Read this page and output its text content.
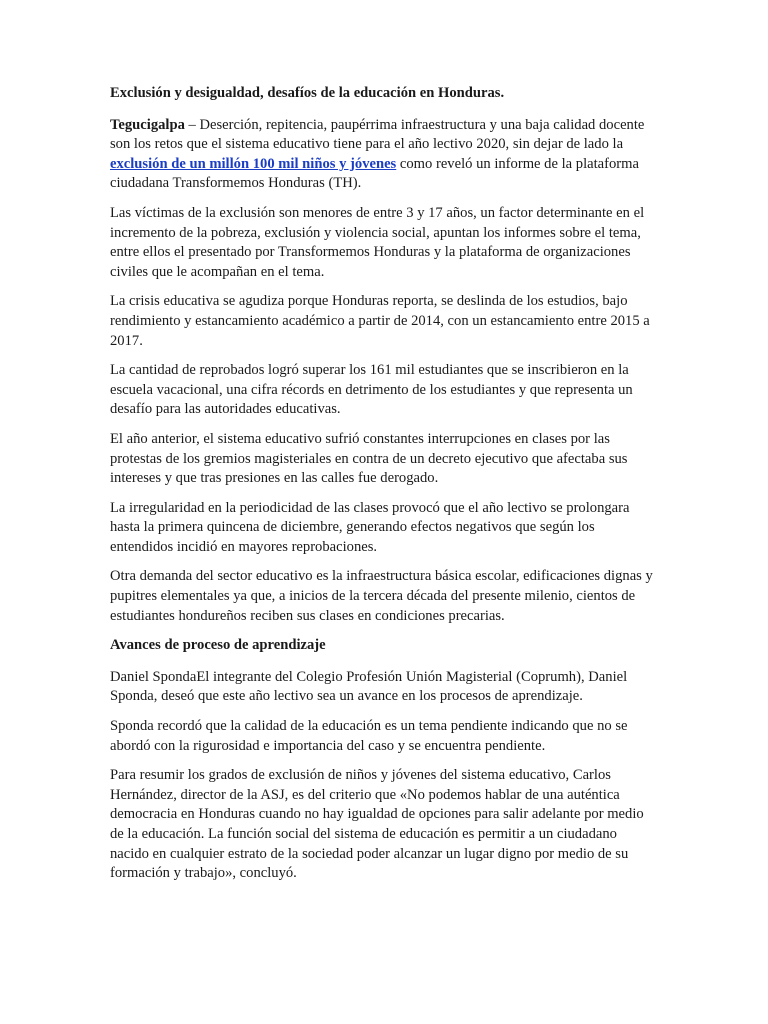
Exclusión y desigualdad, desafíos de la educación en Honduras.

Tegucigalpa – Deserción, repitencia, paupérrima infraestructura y una baja calidad docente son los retos que el sistema educativo tiene para el año lectivo 2020, sin dejar de lado la exclusión de un millón 100 mil niños y jóvenes como reveló un informe de la plataforma ciudadana Transformemos Honduras (TH).

Las víctimas de la exclusión son menores de entre 3 y 17 años, un factor determinante en el incremento de la pobreza, exclusión y violencia social, apuntan los informes sobre el tema, entre ellos el presentado por Transformemos Honduras y la plataforma de organizaciones civiles que le acompañan en el tema.

La crisis educativa se agudiza porque Honduras reporta, se deslinda de los estudios, bajo rendimiento y estancamiento académico a partir de 2014, con un estancamiento entre 2015 a 2017.

La cantidad de reprobados logró superar los 161 mil estudiantes que se inscribieron en la escuela vacacional, una cifra récords en detrimento de los estudiantes y que representa un desafío para las autoridades educativas.

El año anterior, el sistema educativo sufrió constantes interrupciones en clases por las protestas de los gremios magisteriales en contra de un decreto ejecutivo que afectaba sus intereses y que tras presiones en las calles fue derogado.

La irregularidad en la periodicidad de las clases provocó que el año lectivo se prolongara hasta la primera quincena de diciembre, generando efectos negativos que según los entendidos incidió en mayores reprobaciones.

Otra demanda del sector educativo es la infraestructura básica escolar, edificaciones dignas y pupitres elementales ya que, a inicios de la tercera década del presente milenio, cientos de estudiantes hondureños reciben sus clases en condiciones precarias.

Avances de proceso de aprendizaje

Daniel SpondaEl integrante del Colegio Profesión Unión Magisterial (Coprumh), Daniel Sponda, deseó que este año lectivo sea un avance en los procesos de aprendizaje.

Sponda recordó que la calidad de la educación es un tema pendiente indicando que no se abordó con la rigurosidad e importancia del caso y se encuentra pendiente.

Para resumir los grados de exclusión de niños y jóvenes del sistema educativo, Carlos Hernández, director de la ASJ, es del criterio que «No podemos hablar de una auténtica democracia en Honduras cuando no hay igualdad de opciones para salir adelante por medio de la educación. La función social del sistema de educación es permitir a un ciudadano nacido en cualquier estrato de la sociedad poder alcanzar un lugar digno por medio de su formación y trabajo», concluyó.
